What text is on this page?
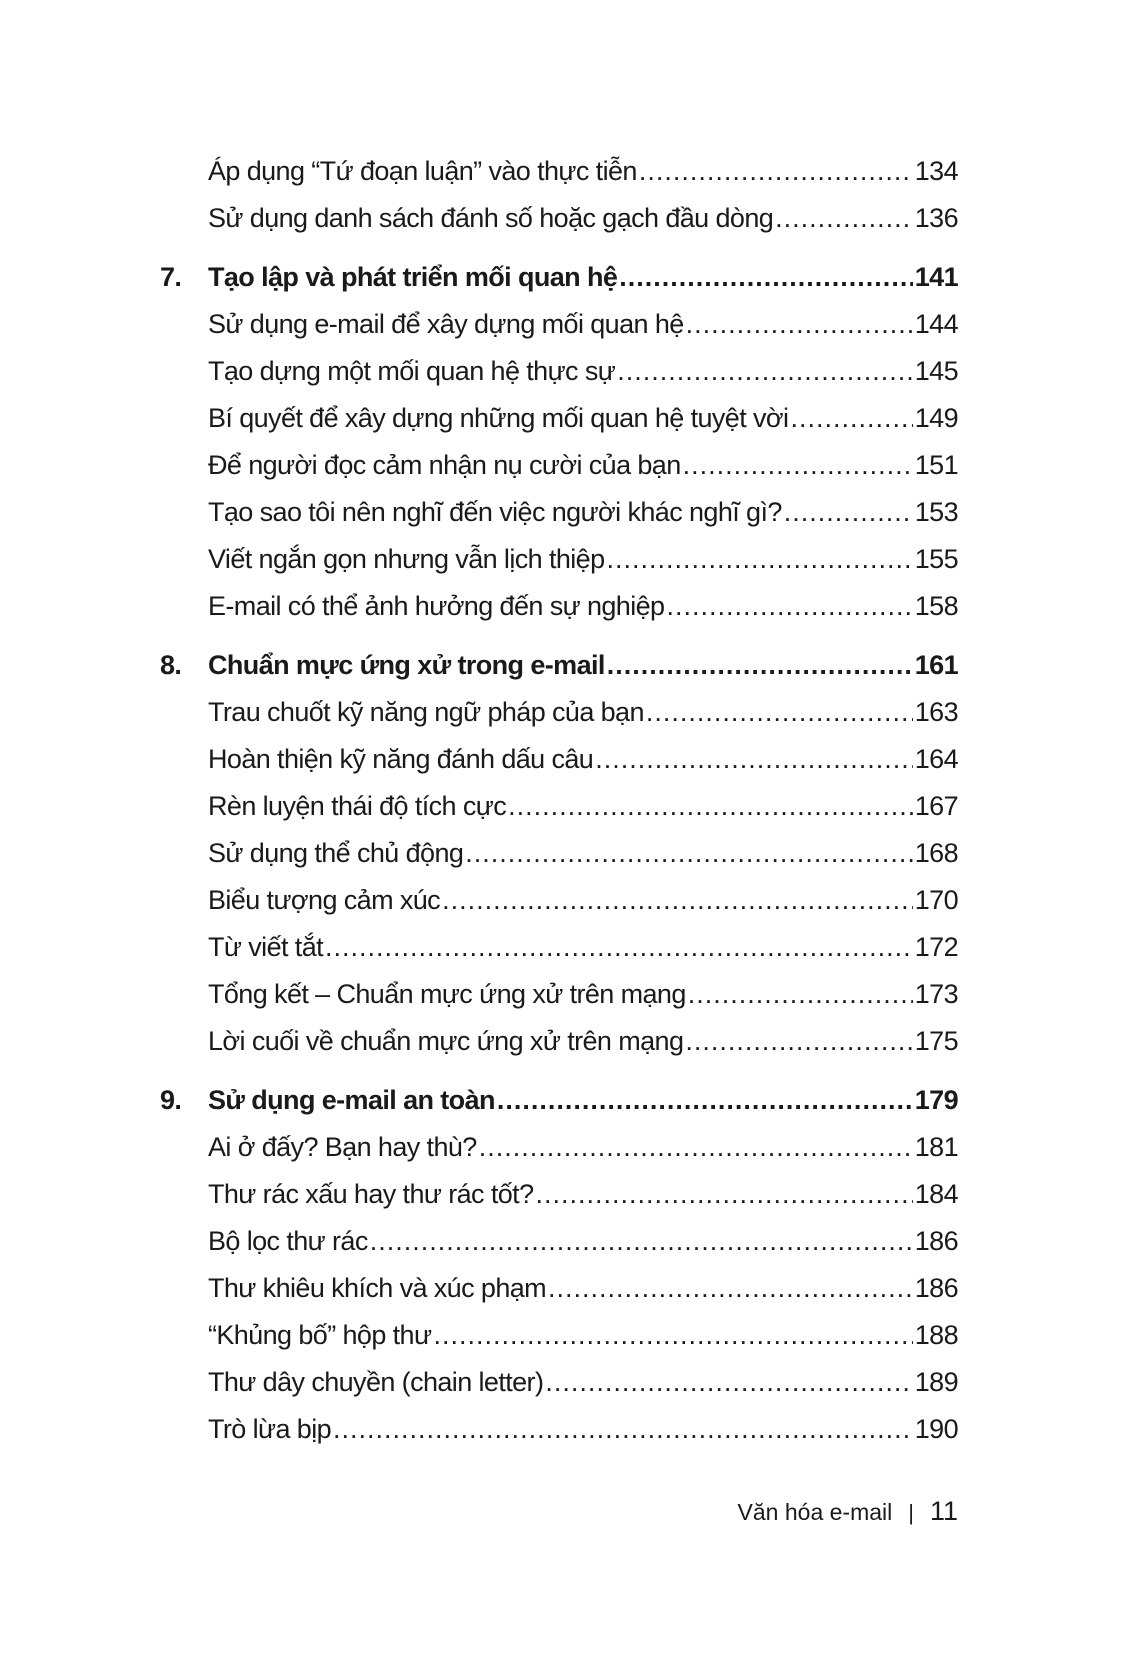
Áp dụng “Tứ đoạn luận” vào thực tiễn .....	134
Sử dụng danh sách đánh số hoặc gạch đầu dòng .....	136
7. Tạo lập và phát triển mối quan hệ .....	141
Sử dụng e-mail để xây dựng mối quan hệ .....	144
Tạo dựng một mối quan hệ thực sự .....	145
Bí quyết để xây dựng những mối quan hệ tuyệt vời .....	149
Để người đọc cảm nhận nụ cười của bạn .....	151
Tạo sao tôi nên nghĩ đến việc người khác nghĩ gì? .....	153
Viết ngắn gọn nhưng vẫn lịch thiệp .....	155
E-mail có thể ảnh hưởng đến sự nghiệp .....	158
8. Chuẩn mực ứng xử trong e-mail .....	161
Trau chuốt kỹ năng ngữ pháp của bạn .....	163
Hoàn thiện kỹ năng đánh dấu câu .....	164
Rèn luyện thái độ tích cực .....	167
Sử dụng thể chủ động .....	168
Biểu tượng cảm xúc .....	170
Từ viết tắt .....	172
Tổng kết – Chuẩn mực ứng xử trên mạng .....	173
Lời cuối về chuẩn mực ứng xử trên mạng .....	175
9. Sử dụng e-mail an toàn .....	179
Ai ở đấy? Bạn hay thù? .....	181
Thư rác xấu hay thư rác tốt? .....	184
Bộ lọc thư rác .....	186
Thư khiêu khích và xúc phạm .....	186
“Khủng bố” hộp thư .....	188
Thư dây chuyền (chain letter) .....	189
Trò lừa bịp .....	190
Văn hóa e-mail | 11
